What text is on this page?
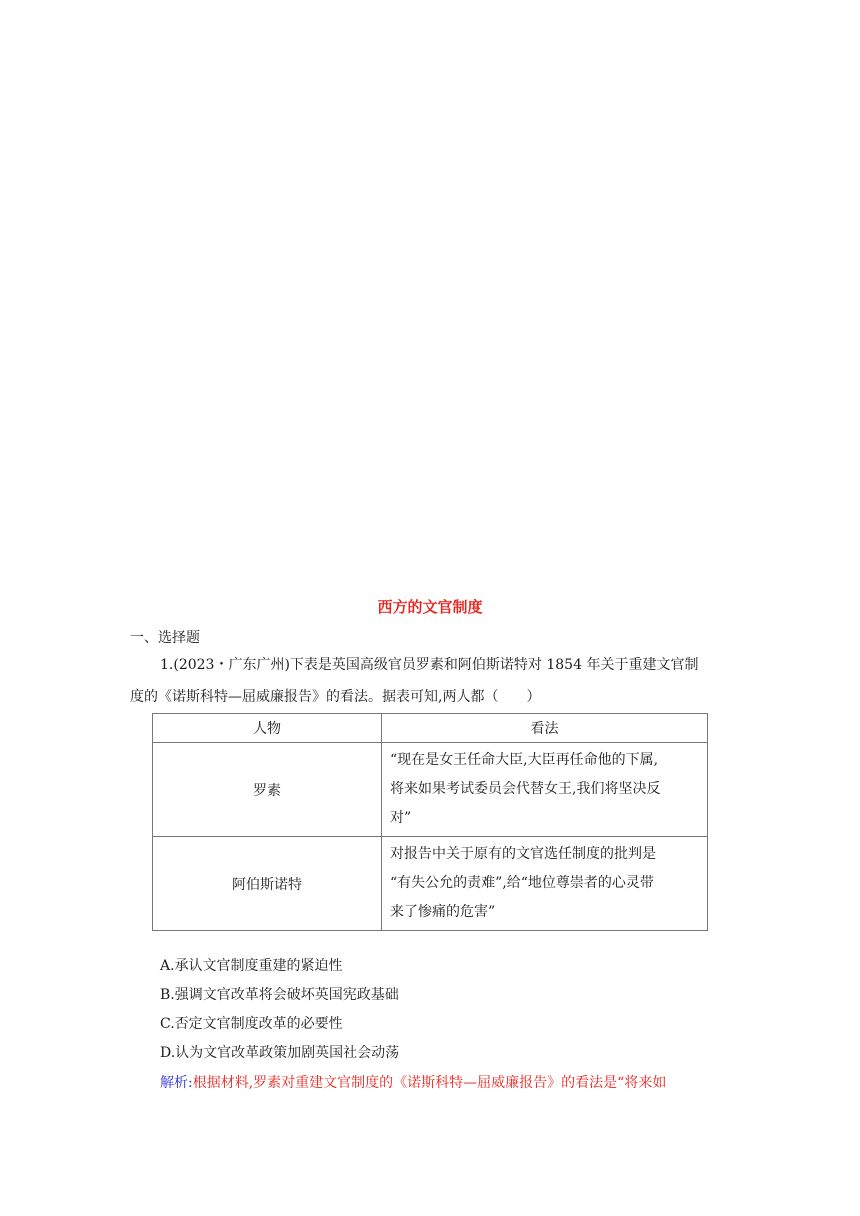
西方的文官制度
一、选择题
1.(2023・广东广州)下表是英国高级官员罗素和阿伯斯诺特对 1854 年关于重建文官制
度的《诺斯科特—屈威廉报告》的看法。据表可知,两人都（　　）
人物	看法
罗素	“现在是女王任命大臣,大臣再任命他的下属,
将来如果考试委员会代替女王,我们将坚决反
对”

阿伯斯诺特	对报告中关于原有的文官选任制度的批判是
“有失公允的责难”,给“地位尊崇者的心灵带
来了惨痛的危害”
A.承认文官制度重建的紧迫性
B.强调文官改革将会破坏英国宪政基础
C.否定文官制度改革的必要性
D.认为文官改革政策加剧英国社会动荡
解析:根据材料,罗素对重建文官制度的《诺斯科特—屈威廉报告》的看法是“将来如
